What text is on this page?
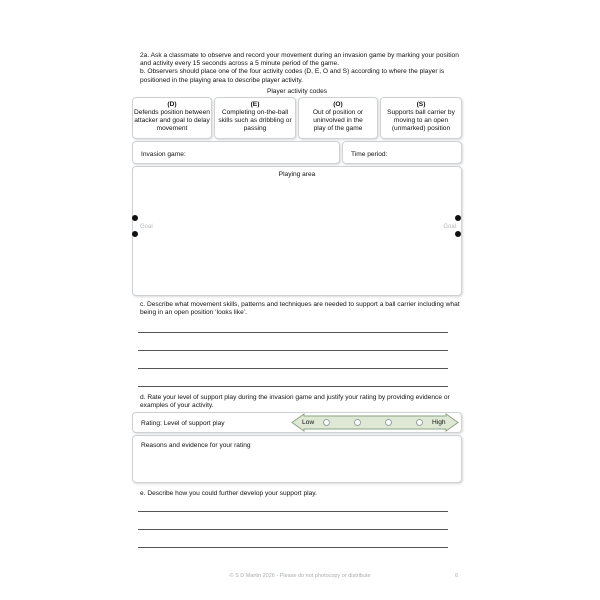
2a. Ask a classmate to observe and record your movement during an invasion game by marking your position and activity every 15 seconds across a 5 minute period of the game.
b. Observers should place one of the four activity codes (D, E, O and S) according to where the player is positioned in the playing area to describe player activity.
Player activity codes
(D)
Defends position between attacker and goal to delay movement
(E)
Completing on-the-ball skills such as dribbling or passing
(O)
Out of position or uninvolved in the play of the game
(S)
Supports ball carrier by moving to an open (unmarked) position
Invasion game:	Time period:
Playing area
Goal	Goal
c. Describe what movement skills, patterns and techniques are needed to support a ball carrier including what being in an open position ‘looks like’.
d. Rate your level of support play during the invasion game and justify your rating by providing evidence or examples of your activity.
Rating: Level of support play	Low	High
Reasons and evidence for your rating
e. Describe how you could further develop your support play.
© S D Martin 2026 - Please do not photocopy or distribute	6
